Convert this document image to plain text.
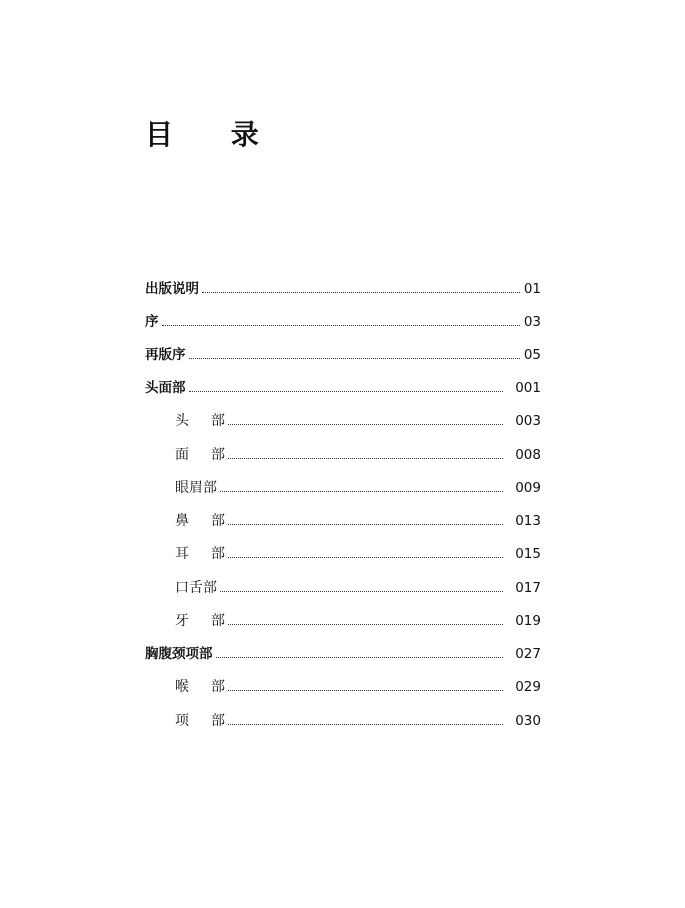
目 录
出版说明	01
序	03
再版序	05
头面部	001
头部	003
面部	008
眼眉部	009
鼻部	013
耳部	015
口舌部	017
牙部	019
胸腹颈项部	027
喉部	029
项部	030
